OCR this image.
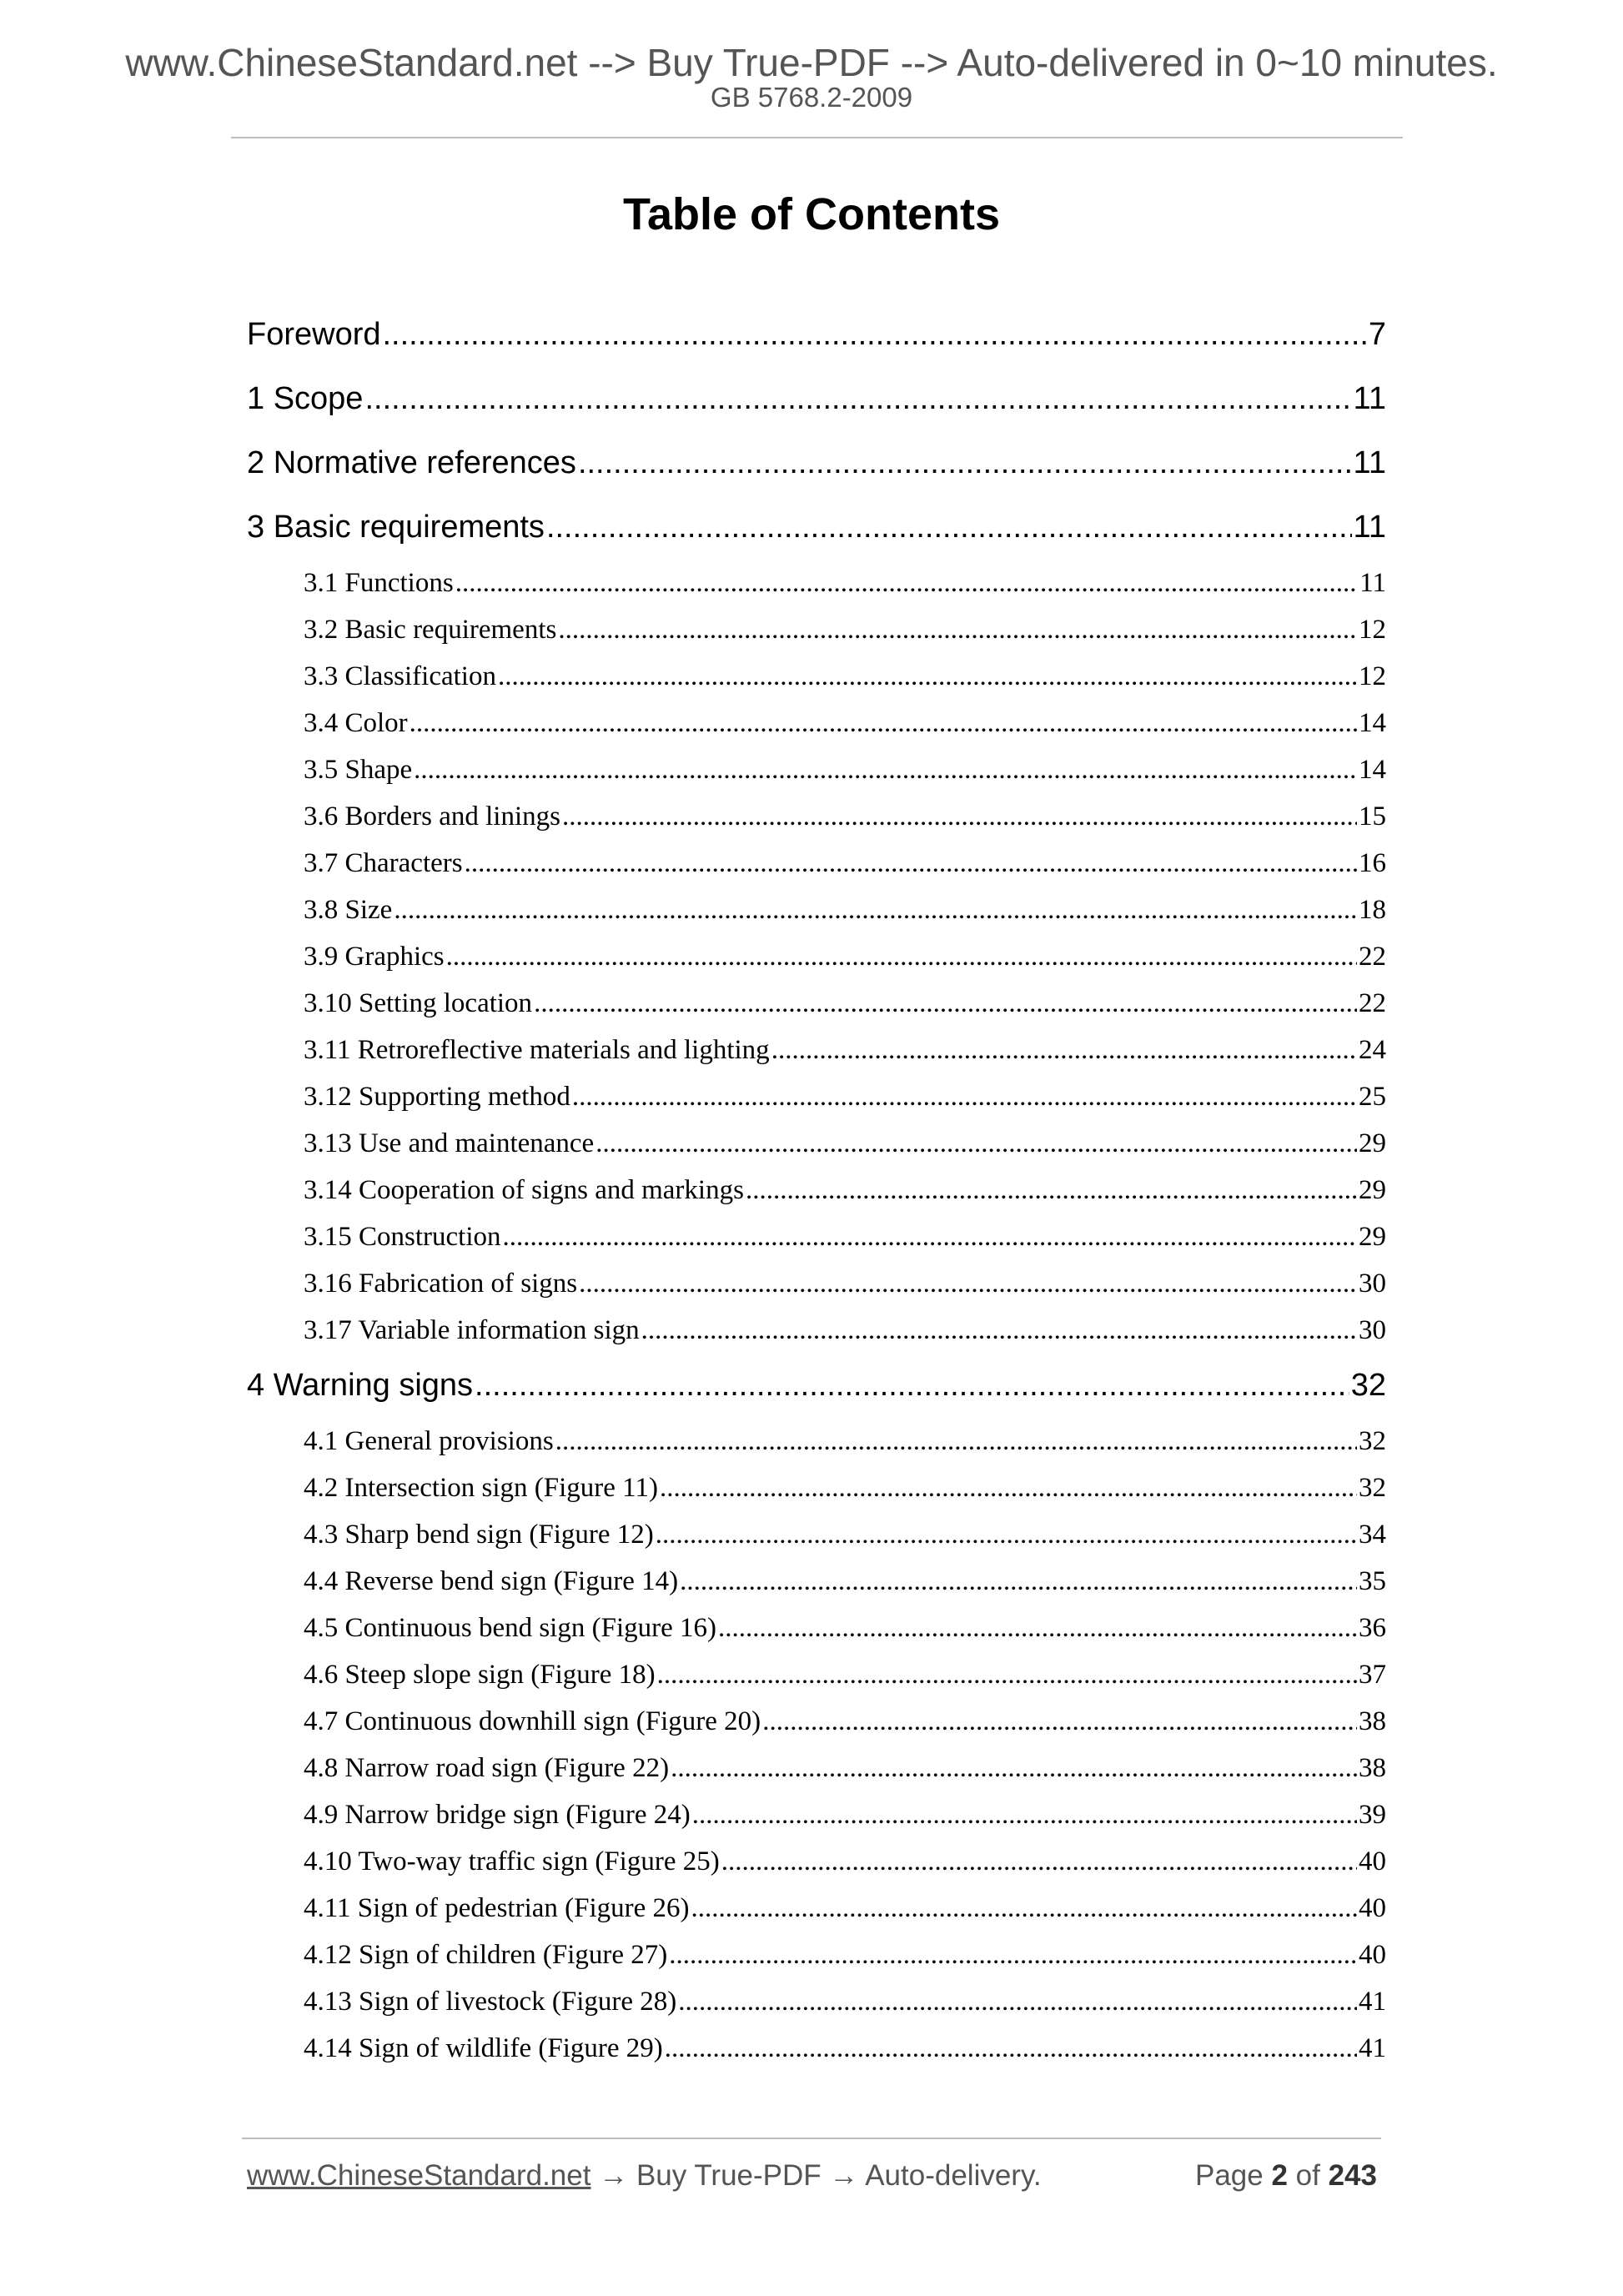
www.ChineseStandard.net --> Buy True-PDF --> Auto-delivered in 0~10 minutes.
GB 5768.2-2009
Table of Contents
Foreword .....	7
1 Scope .....	11
2 Normative references .....	11
3 Basic requirements .....	11
3.1 Functions .....	11
3.2 Basic requirements .....	12
3.3 Classification .....	12
3.4 Color .....	14
3.5 Shape .....	14
3.6 Borders and linings .....	15
3.7 Characters .....	16
3.8 Size .....	18
3.9 Graphics .....	22
3.10 Setting location .....	22
3.11 Retroreflective materials and lighting .....	24
3.12 Supporting method .....	25
3.13 Use and maintenance .....	29
3.14 Cooperation of signs and markings .....	29
3.15 Construction .....	29
3.16 Fabrication of signs .....	30
3.17 Variable information sign .....	30
4 Warning signs .....	32
4.1 General provisions .....	32
4.2 Intersection sign (Figure 11) .....	32
4.3 Sharp bend sign (Figure 12) .....	34
4.4 Reverse bend sign (Figure 14) .....	35
4.5 Continuous bend sign (Figure 16) .....	36
4.6 Steep slope sign (Figure 18) .....	37
4.7 Continuous downhill sign (Figure 20) .....	38
4.8 Narrow road sign (Figure 22) .....	38
4.9 Narrow bridge sign (Figure 24) .....	39
4.10 Two-way traffic sign (Figure 25) .....	40
4.11 Sign of pedestrian (Figure 26) .....	40
4.12 Sign of children (Figure 27) .....	40
4.13 Sign of livestock (Figure 28) .....	41
4.14 Sign of wildlife (Figure 29) .....	41
www.ChineseStandard.net → Buy True-PDF → Auto-delivery.	Page 2 of 243
